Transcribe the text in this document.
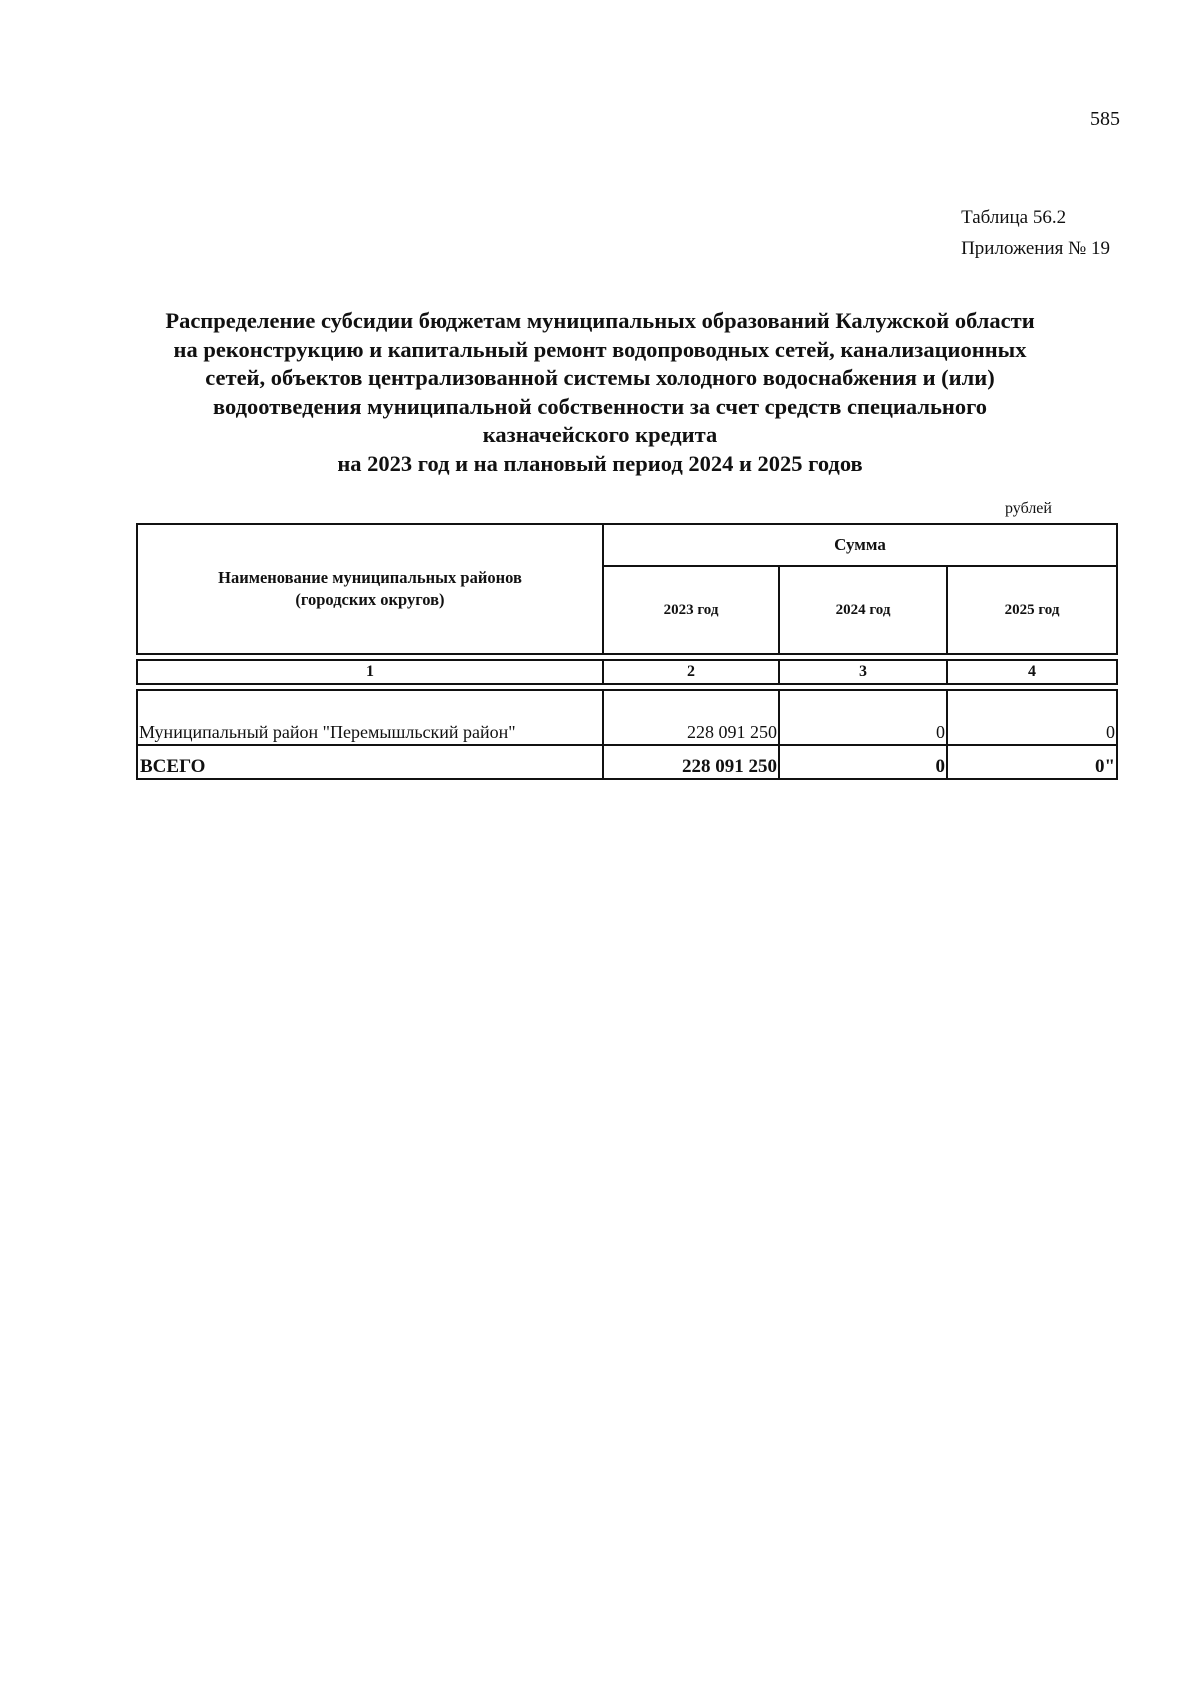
585
Таблица 56.2
Приложения № 19
Распределение субсидии бюджетам муниципальных образований Калужской области
на реконструкцию и капитальный ремонт водопроводных сетей, канализационных
сетей, объектов централизованной системы холодного водоснабжения и (или)
водоотведения муниципальной собственности за счет средств специального
казначейского кредита
на 2023 год и на плановый период 2024 и 2025 годов
рублей
Наименование муниципальных районов
(городских округов)	Сумма		
	2023 год	2024 год	2025 год

1	2	3	4

Муниципальный район "Перемышльский район"	228 091 250	0	0
ВСЕГО	228 091 250	0	0"
